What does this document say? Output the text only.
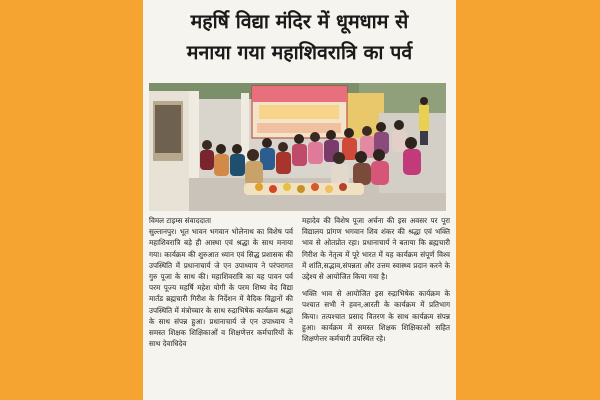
महर्षि विद्या मंदिर में धूमधाम से
मनाया गया महाशिवरात्रि का पर्व

विमल टाइम्स संवाददाता
सुल्तानपुर। भूत भावन भगवान भोलेनाथ का विशेष पर्व महाशिवरात्रि बड़े ही आस्था एवं श्रद्धा के साथ मनाया गया। कार्यक्रम की शुरुआत ध्यान एवं सिद्ध प्रशासक की उपस्थिति में प्रधानाचार्य जे एन उपाध्याय ने परंपरागत गुरु पूजा के साथ की। महाशिवरात्रि का यह पावन पर्व परम पूज्य महर्षि महेश योगी के परम शिष्य वेद विद्या मार्तंड ब्रह्मचारी गिरीश के निर्देशन में वैदिक विद्वानों की उपस्थिति में मंत्रोच्चार के साथ रुद्राभिषेक कार्यक्रम श्रद्धा के साथ संपन्न हुआ। प्रधानाचार्य जे एन उपाध्याय ने समस्त शिक्षक शिक्षिकाओं व शिक्षणेत्तर कर्मचारियों के साथ देवाधिदेव

महादेव की विशेष पूजा अर्चना की इस अवसर पर पूरा विद्यालय प्रांगण भगवान शिव शंकर की श्रद्धा एवं भक्ति भाव से ओतप्रोत रहा। प्रधानाचार्य ने बताया कि ब्रह्मचारी गिरीश के नेतृत्व में पूरे भारत में यह कार्यक्रम संपूर्ण विश्व में शांति,सद्भाव,संपन्नता और उत्तम स्वास्थ्य प्रदान करने के उद्देश्य से आयोजित किया गया है।

भक्ति भाव से आयोजित इस रुद्राभिषेक कार्यक्रम के पश्चात सभी ने हवन,आरती के कार्यक्रम में प्रतिभाग किया। तत्पश्चात प्रसाद वितरण के साथ कार्यक्रम संपन्न हुआ। कार्यक्रम में समस्त शिक्षक शिक्षिकाओं सहित शिक्षणेत्तर कर्मचारी उपस्थित रहे।
